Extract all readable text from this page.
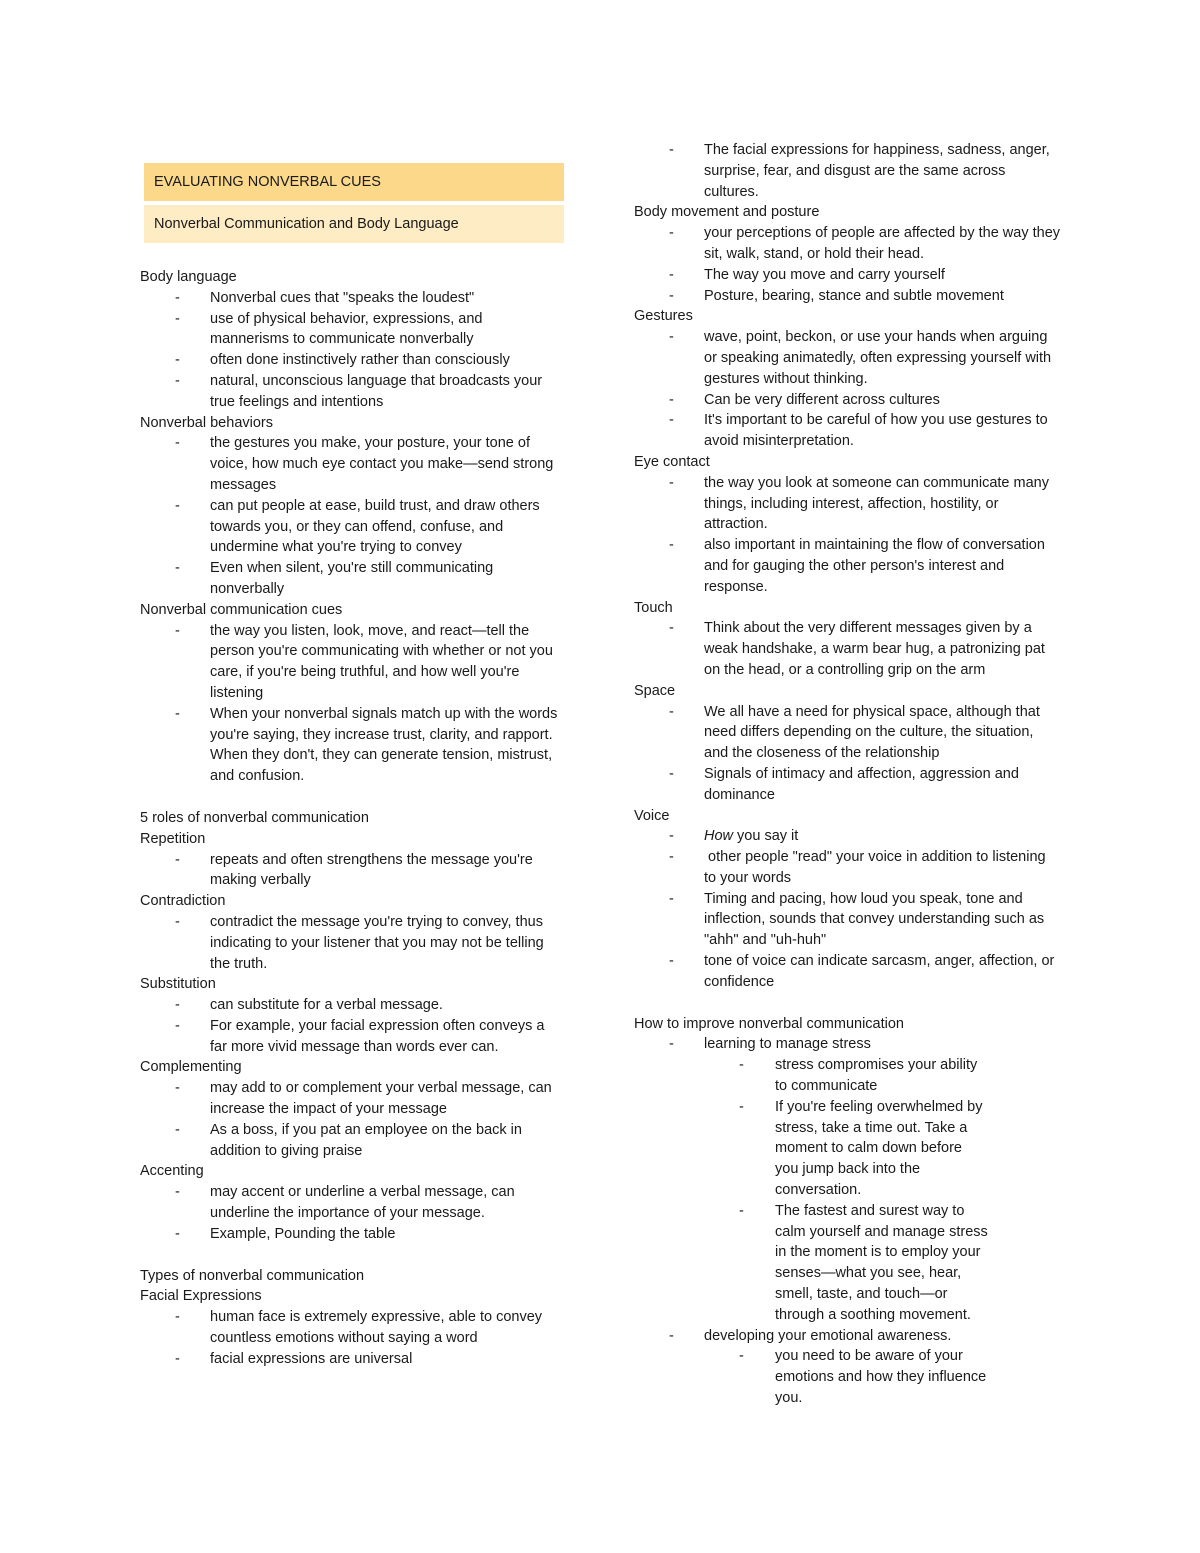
EVALUATING NONVERBAL CUES
Nonverbal Communication and Body Language
Body language
- Nonverbal cues that "speaks the loudest"
- use of physical behavior, expressions, and mannerisms to communicate nonverbally
- often done instinctively rather than consciously
- natural, unconscious language that broadcasts your true feelings and intentions
Nonverbal behaviors
- the gestures you make, your posture, your tone of voice, how much eye contact you make—send strong messages
- can put people at ease, build trust, and draw others towards you, or they can offend, confuse, and undermine what you're trying to convey
- Even when silent, you're still communicating nonverbally
Nonverbal communication cues
- the way you listen, look, move, and react—tell the person you're communicating with whether or not you care, if you're being truthful, and how well you're listening
- When your nonverbal signals match up with the words you're saying, they increase trust, clarity, and rapport. When they don't, they can generate tension, mistrust, and confusion.
5 roles of nonverbal communication
Repetition
- repeats and often strengthens the message you're making verbally
Contradiction
- contradict the message you're trying to convey, thus indicating to your listener that you may not be telling the truth.
Substitution
- can substitute for a verbal message.
- For example, your facial expression often conveys a far more vivid message than words ever can.
Complementing
- may add to or complement your verbal message, can increase the impact of your message
- As a boss, if you pat an employee on the back in addition to giving praise
Accenting
- may accent or underline a verbal message, can underline the importance of your message.
- Example, Pounding the table
Types of nonverbal communication
Facial Expressions
- human face is extremely expressive, able to convey countless emotions without saying a word
- facial expressions are universal
- The facial expressions for happiness, sadness, anger, surprise, fear, and disgust are the same across cultures.
Body movement and posture
- your perceptions of people are affected by the way they sit, walk, stand, or hold their head.
- The way you move and carry yourself
- Posture, bearing, stance and subtle movement
Gestures
- wave, point, beckon, or use your hands when arguing or speaking animatedly, often expressing yourself with gestures without thinking.
- Can be very different across cultures
- It's important to be careful of how you use gestures to avoid misinterpretation.
Eye contact
- the way you look at someone can communicate many things, including interest, affection, hostility, or attraction.
- also important in maintaining the flow of conversation and for gauging the other person's interest and response.
Touch
- Think about the very different messages given by a weak handshake, a warm bear hug, a patronizing pat on the head, or a controlling grip on the arm
Space
- We all have a need for physical space, although that need differs depending on the culture, the situation, and the closeness of the relationship
- Signals of intimacy and affection, aggression and dominance
Voice
- How you say it
- other people "read" your voice in addition to listening to your words
- Timing and pacing, how loud you speak, tone and inflection, sounds that convey understanding such as "ahh" and "uh-huh"
- tone of voice can indicate sarcasm, anger, affection, or confidence
How to improve nonverbal communication
- learning to manage stress
- stress compromises your ability to communicate
- If you're feeling overwhelmed by stress, take a time out. Take a moment to calm down before you jump back into the conversation.
- The fastest and surest way to calm yourself and manage stress in the moment is to employ your senses—what you see, hear, smell, taste, and touch—or through a soothing movement.
- developing your emotional awareness.
- you need to be aware of your emotions and how they influence you.
